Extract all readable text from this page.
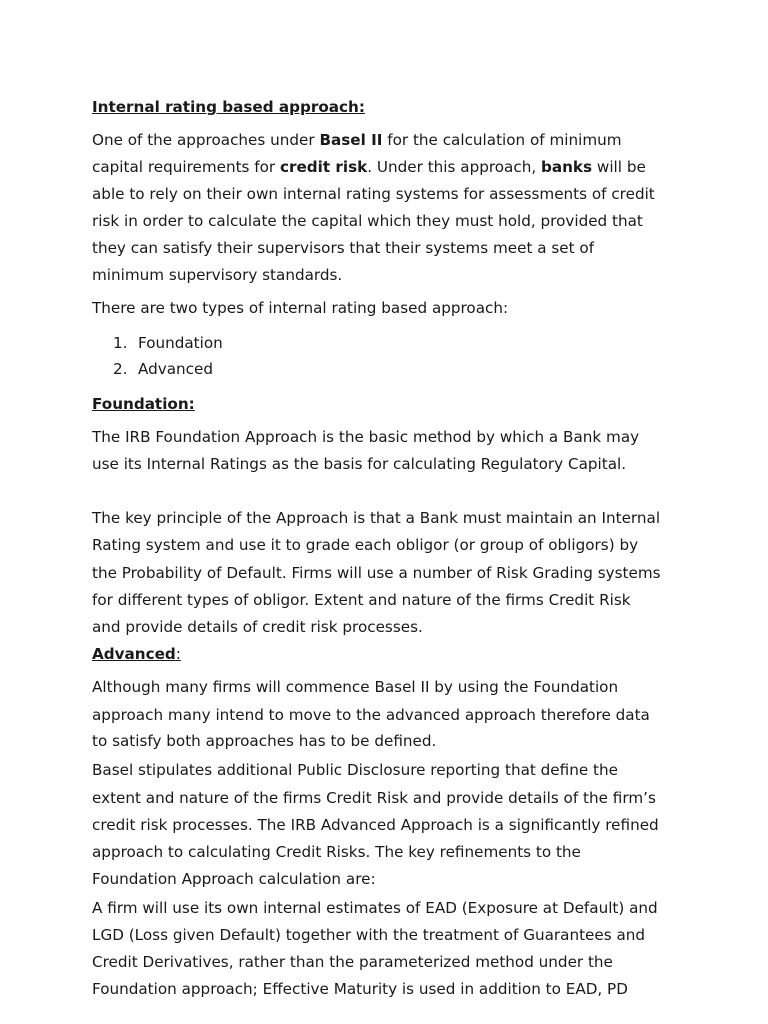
Internal rating based approach:
One of the approaches under Basel II for the calculation of minimum
capital requirements for credit risk. Under this approach, banks will be
able to rely on their own internal rating systems for assessments of credit
risk in order to calculate the capital which they must hold, provided that
they can satisfy their supervisors that their systems meet a set of
minimum supervisory standards.
There are two types of internal rating based approach:
1. Foundation
2. Advanced
Foundation:
The IRB Foundation Approach is the basic method by which a Bank may
use its Internal Ratings as the basis for calculating Regulatory Capital.
The key principle of the Approach is that a Bank must maintain an Internal
Rating system and use it to grade each obligor (or group of obligors) by
the Probability of Default. Firms will use a number of Risk Grading systems
for different types of obligor. Extent and nature of the firms Credit Risk
and provide details of credit risk processes.
Advanced:
Although many firms will commence Basel II by using the Foundation
approach many intend to move to the advanced approach therefore data
to satisfy both approaches has to be defined.
Basel stipulates additional Public Disclosure reporting that define the
extent and nature of the firms Credit Risk and provide details of the firm’s
credit risk processes. The IRB Advanced Approach is a significantly refined
approach to calculating Credit Risks. The key refinements to the
Foundation Approach calculation are:
A firm will use its own internal estimates of EAD (Exposure at Default) and
LGD (Loss given Default) together with the treatment of Guarantees and
Credit Derivatives, rather than the parameterized method under the
Foundation approach; Effective Maturity is used in addition to EAD, PD
